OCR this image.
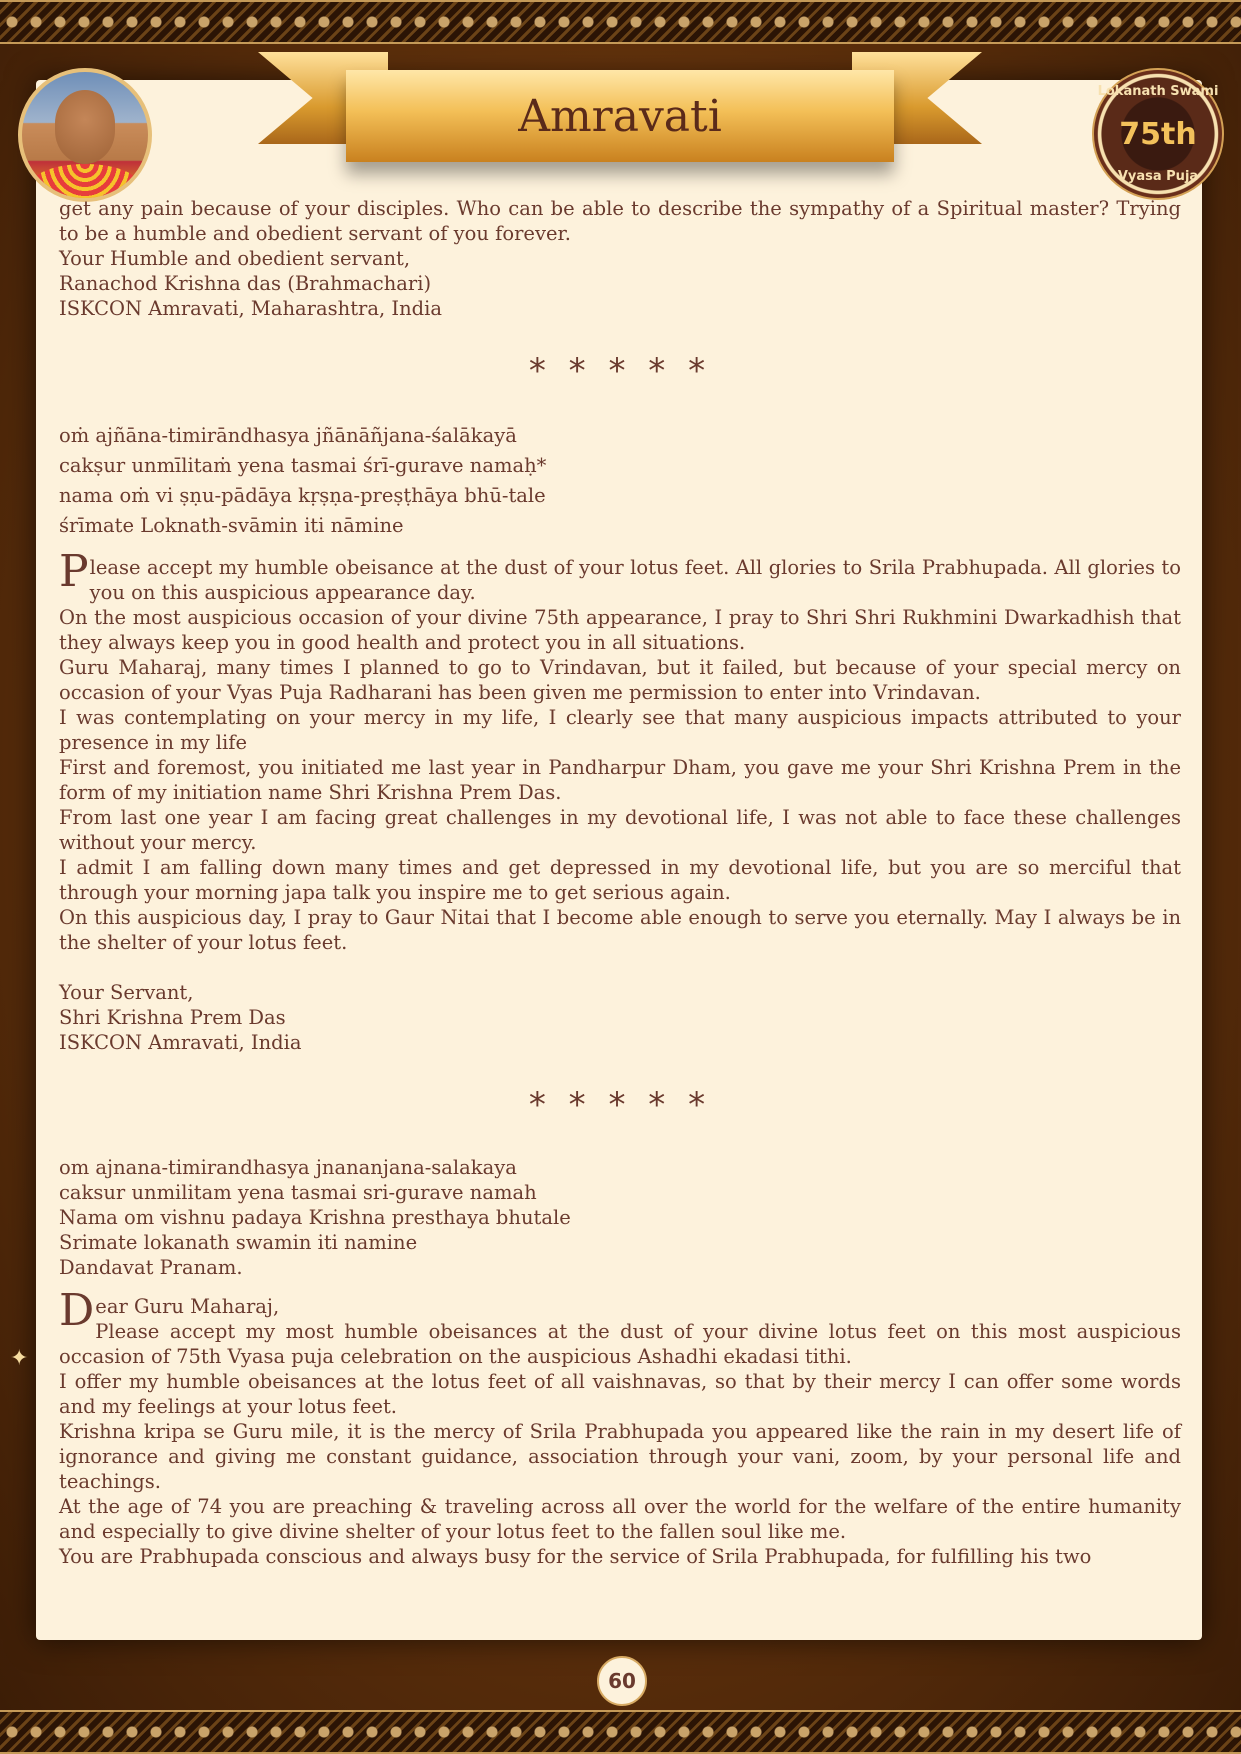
Amravati	Lokanath Swami
75th
Vyasa Puja

get any pain because of your disciples. Who can be able to describe the sympathy of a Spiritual master? Trying to be a humble and obedient servant of you forever.

Your Humble and obedient servant,

Ranachod Krishna das (Brahmachari)

ISKCON Amravati, Maharashtra, India

* * * * *

oṁ ajñāna-timirāndhasya jñānāñjana-śalākayā

cakṣur unmīlitaṁ yena tasmai śrī-gurave namaḥ*

nama oṁ vi ṣṇu-pādāya kṛṣṇa-preṣṭhāya bhū-tale

śrīmate Loknath-svāmin iti nāmine

Please accept my humble obeisance at the dust of your lotus feet. All glories to Srila Prabhupada. All glories to you on this auspicious appearance day.

On the most auspicious occasion of your divine 75th appearance, I pray to Shri Shri Rukhmini Dwarkadhish that they always keep you in good health and protect you in all situations.

Guru Maharaj, many times I planned to go to Vrindavan, but it failed, but because of your special mercy on occasion of your Vyas Puja Radharani has been given me permission to enter into Vrindavan.

I was contemplating on your mercy in my life, I clearly see that many auspicious impacts attributed to your presence in my life

First and foremost, you initiated me last year in Pandharpur Dham, you gave me your Shri Krishna Prem in the form of my initiation name Shri Krishna Prem Das.

From last one year I am facing great challenges in my devotional life, I was not able to face these challenges without your mercy.

I admit I am falling down many times and get depressed in my devotional life, but you are so merciful that through your morning japa talk you inspire me to get serious again.

On this auspicious day, I pray to Gaur Nitai that I become able enough to serve you eternally. May I always be in the shelter of your lotus feet.

Your Servant,

Shri Krishna Prem Das

ISKCON Amravati, India

* * * * *

om ajnana-timirandhasya jnananjana-salakaya

caksur unmilitam yena tasmai sri-gurave namah

Nama om vishnu padaya Krishna presthaya bhutale

Srimate lokanath swamin iti namine

Dandavat Pranam.

Dear Guru Maharaj,

Please accept my most humble obeisances at the dust of your divine lotus feet on this most auspicious occasion of 75th Vyasa puja celebration on the auspicious Ashadhi ekadasi tithi.

I offer my humble obeisances at the lotus feet of all vaishnavas, so that by their mercy I can offer some words and my feelings at your lotus feet.

Krishna kripa se Guru mile, it is the mercy of Srila Prabhupada you appeared like the rain in my desert life of ignorance and giving me constant guidance, association through your vani, zoom, by your personal life and teachings.

At the age of 74 you are preaching & traveling across all over the world for the welfare of the entire humanity and especially to give divine shelter of your lotus feet to the fallen soul like me.

You are Prabhupada conscious and always busy for the service of Srila Prabhupada, for fulfilling his two

✦
60
